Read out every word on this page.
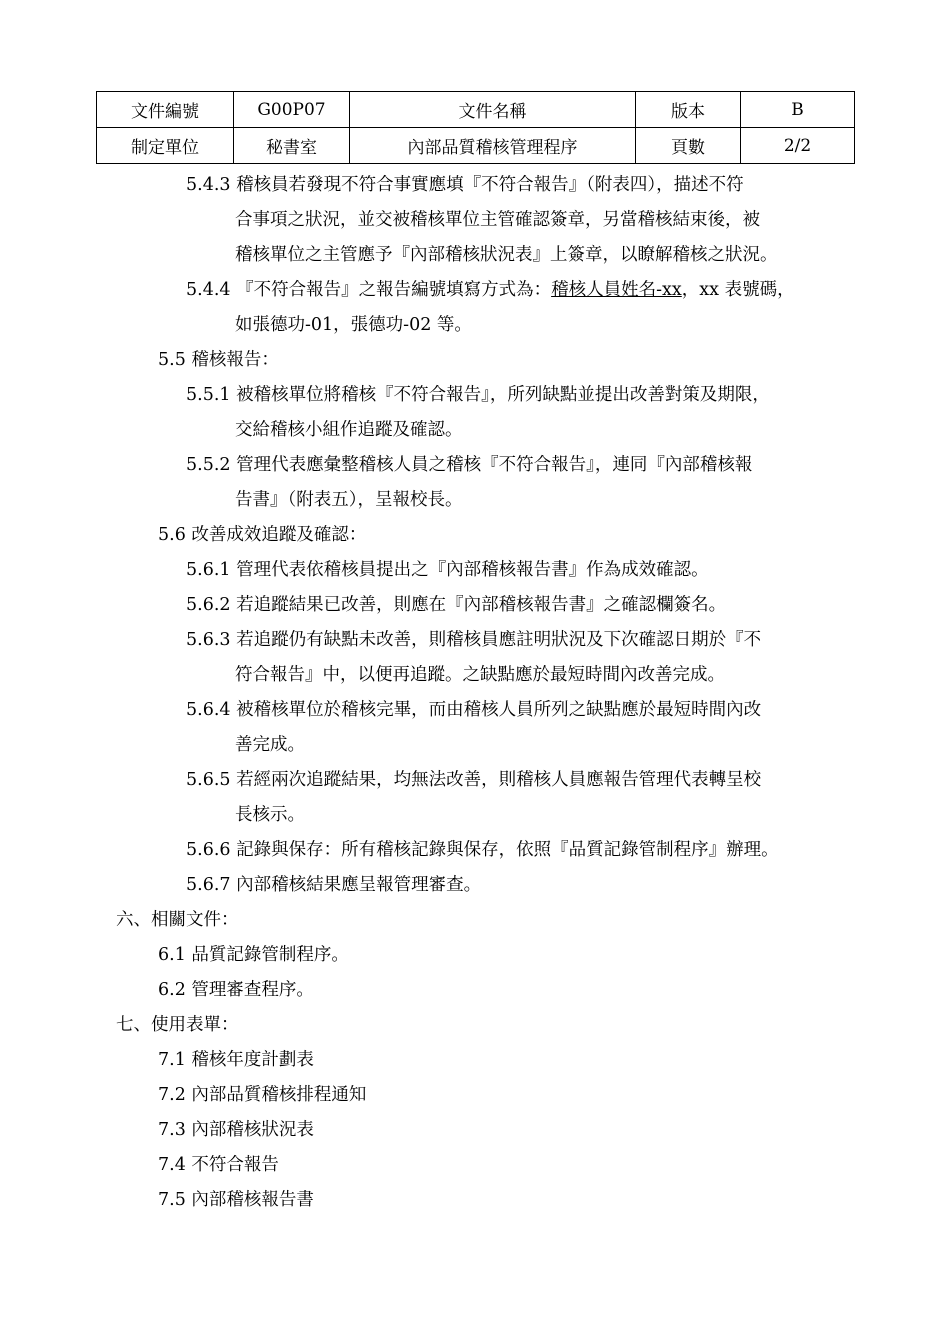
文件編號	G00P07	文件名稱	版本	B
制定單位	秘書室	內部品質稽核管理程序	頁數	2/2
5.4.3 稽核員若發現不符合事實應填『不符合報告』（附表四），描述不符
合事項之狀況，並交被稽核單位主管確認簽章，另當稽核結束後，被
稽核單位之主管應予『內部稽核狀況表』上簽章，以瞭解稽核之狀況。
5.4.4 『不符合報告』之報告編號填寫方式為：稽核人員姓名-xx，xx 表號碼，
如張德功-01，張德功-02 等。
5.5 稽核報告：
5.5.1 被稽核單位將稽核『不符合報告』，所列缺點並提出改善對策及期限，
交給稽核小組作追蹤及確認。
5.5.2 管理代表應彙整稽核人員之稽核『不符合報告』，連同『內部稽核報
告書』（附表五），呈報校長。
5.6 改善成效追蹤及確認：
5.6.1 管理代表依稽核員提出之『內部稽核報告書』作為成效確認。
5.6.2 若追蹤結果已改善，則應在『內部稽核報告書』之確認欄簽名。
5.6.3 若追蹤仍有缺點未改善，則稽核員應註明狀況及下次確認日期於『不
符合報告』中，以便再追蹤。之缺點應於最短時間內改善完成。
5.6.4 被稽核單位於稽核完畢，而由稽核人員所列之缺點應於最短時間內改
善完成。
5.6.5 若經兩次追蹤結果，均無法改善，則稽核人員應報告管理代表轉呈校
長核示。
5.6.6 記錄與保存：所有稽核記錄與保存，依照『品質記錄管制程序』辦理。
5.6.7 內部稽核結果應呈報管理審查。
六、相關文件：
6.1 品質記錄管制程序。
6.2 管理審查程序。
七、使用表單：
7.1 稽核年度計劃表
7.2 內部品質稽核排程通知
7.3 內部稽核狀況表
7.4 不符合報告
7.5 內部稽核報告書
